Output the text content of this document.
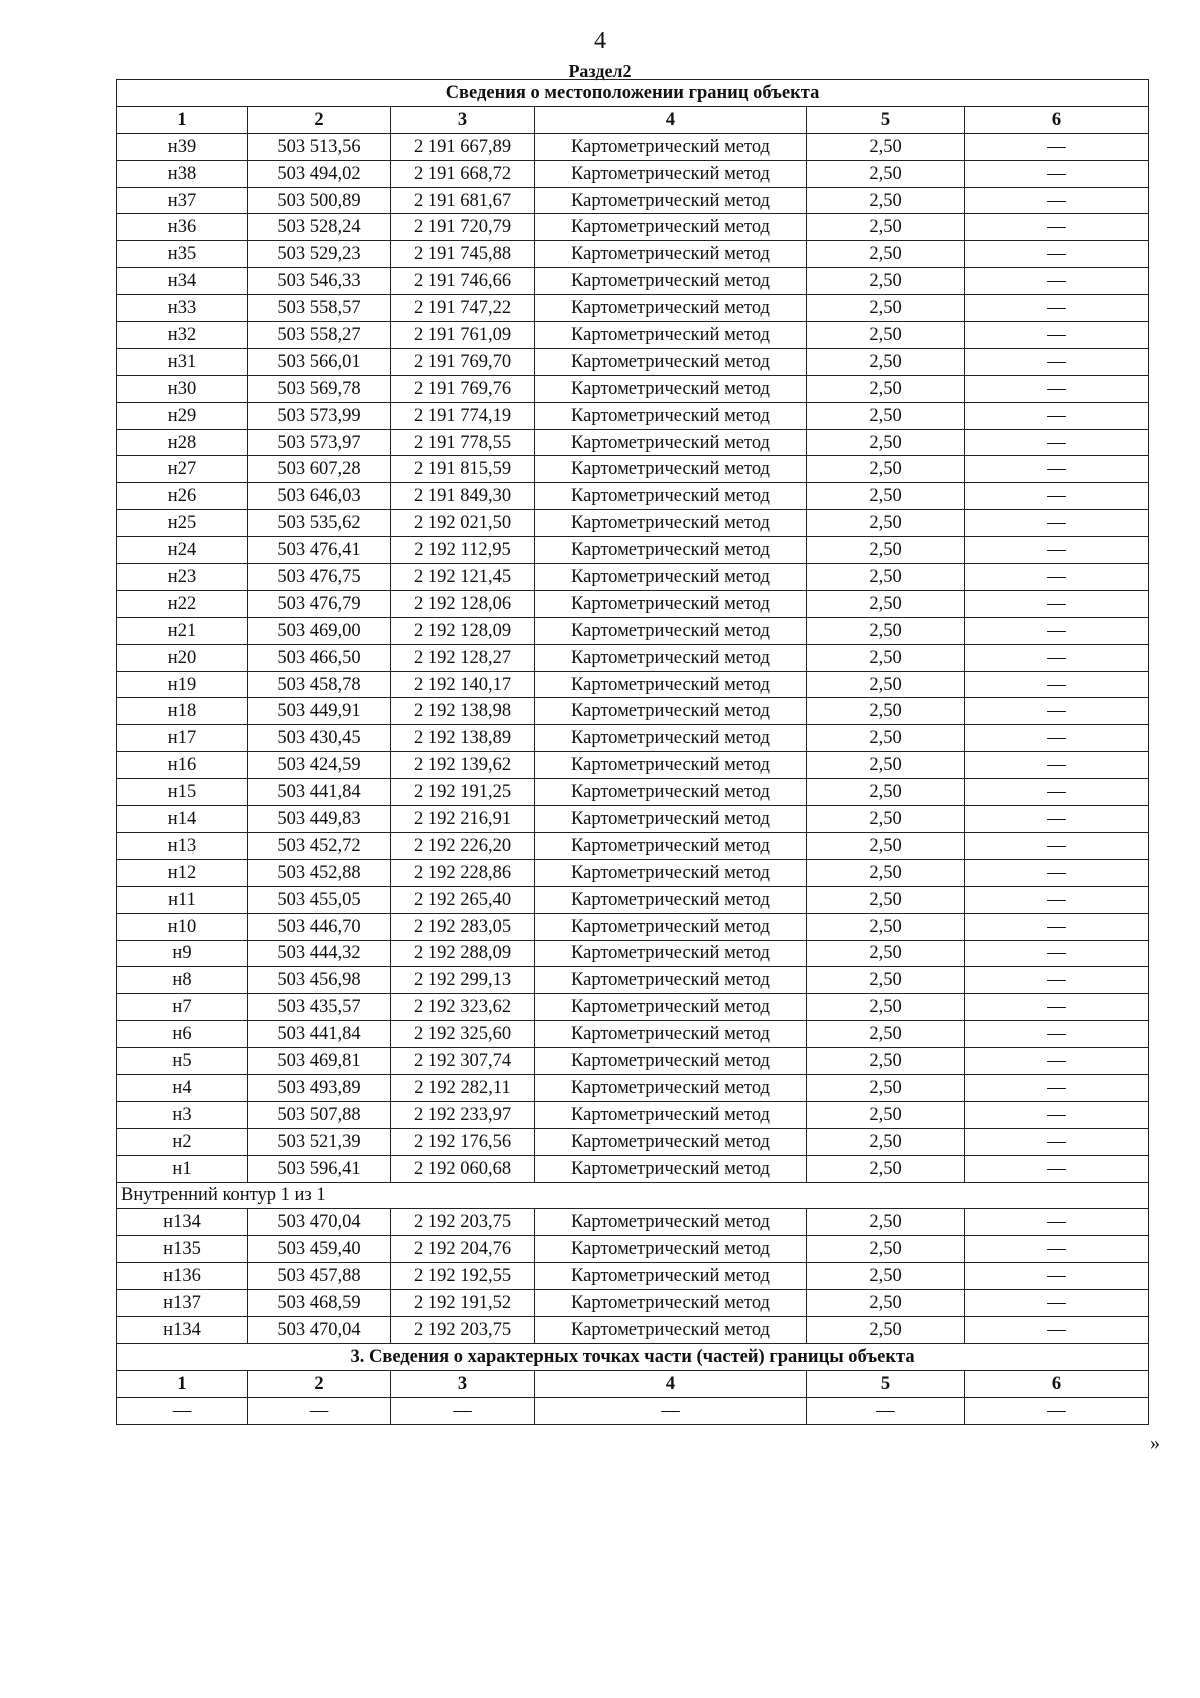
4
Раздел2
Сведения о местоположении границ объекта					
1	2	3	4	5	6
н39	503 513,56	2 191 667,89	Картометрический метод	2,50	—
н38	503 494,02	2 191 668,72	Картометрический метод	2,50	—
н37	503 500,89	2 191 681,67	Картометрический метод	2,50	—
н36	503 528,24	2 191 720,79	Картометрический метод	2,50	—
н35	503 529,23	2 191 745,88	Картометрический метод	2,50	—
н34	503 546,33	2 191 746,66	Картометрический метод	2,50	—
н33	503 558,57	2 191 747,22	Картометрический метод	2,50	—
н32	503 558,27	2 191 761,09	Картометрический метод	2,50	—
н31	503 566,01	2 191 769,70	Картометрический метод	2,50	—
н30	503 569,78	2 191 769,76	Картометрический метод	2,50	—
н29	503 573,99	2 191 774,19	Картометрический метод	2,50	—
н28	503 573,97	2 191 778,55	Картометрический метод	2,50	—
н27	503 607,28	2 191 815,59	Картометрический метод	2,50	—
н26	503 646,03	2 191 849,30	Картометрический метод	2,50	—
н25	503 535,62	2 192 021,50	Картометрический метод	2,50	—
н24	503 476,41	2 192 112,95	Картометрический метод	2,50	—
н23	503 476,75	2 192 121,45	Картометрический метод	2,50	—
н22	503 476,79	2 192 128,06	Картометрический метод	2,50	—
н21	503 469,00	2 192 128,09	Картометрический метод	2,50	—
н20	503 466,50	2 192 128,27	Картометрический метод	2,50	—
н19	503 458,78	2 192 140,17	Картометрический метод	2,50	—
н18	503 449,91	2 192 138,98	Картометрический метод	2,50	—
н17	503 430,45	2 192 138,89	Картометрический метод	2,50	—
н16	503 424,59	2 192 139,62	Картометрический метод	2,50	—
н15	503 441,84	2 192 191,25	Картометрический метод	2,50	—
н14	503 449,83	2 192 216,91	Картометрический метод	2,50	—
н13	503 452,72	2 192 226,20	Картометрический метод	2,50	—
н12	503 452,88	2 192 228,86	Картометрический метод	2,50	—
н11	503 455,05	2 192 265,40	Картометрический метод	2,50	—
н10	503 446,70	2 192 283,05	Картометрический метод	2,50	—
н9	503 444,32	2 192 288,09	Картометрический метод	2,50	—
н8	503 456,98	2 192 299,13	Картометрический метод	2,50	—
н7	503 435,57	2 192 323,62	Картометрический метод	2,50	—
н6	503 441,84	2 192 325,60	Картометрический метод	2,50	—
н5	503 469,81	2 192 307,74	Картометрический метод	2,50	—
н4	503 493,89	2 192 282,11	Картометрический метод	2,50	—
н3	503 507,88	2 192 233,97	Картометрический метод	2,50	—
н2	503 521,39	2 192 176,56	Картометрический метод	2,50	—
н1	503 596,41	2 192 060,68	Картометрический метод	2,50	—
Внутренний контур 1 из 1					
н134	503 470,04	2 192 203,75	Картометрический метод	2,50	—
н135	503 459,40	2 192 204,76	Картометрический метод	2,50	—
н136	503 457,88	2 192 192,55	Картометрический метод	2,50	—
н137	503 468,59	2 192 191,52	Картометрический метод	2,50	—
н134	503 470,04	2 192 203,75	Картометрический метод	2,50	—
3. Сведения о характерных точках части (частей) границы объекта					
1	2	3	4	5	6
—	—	—	—	—	—
»
